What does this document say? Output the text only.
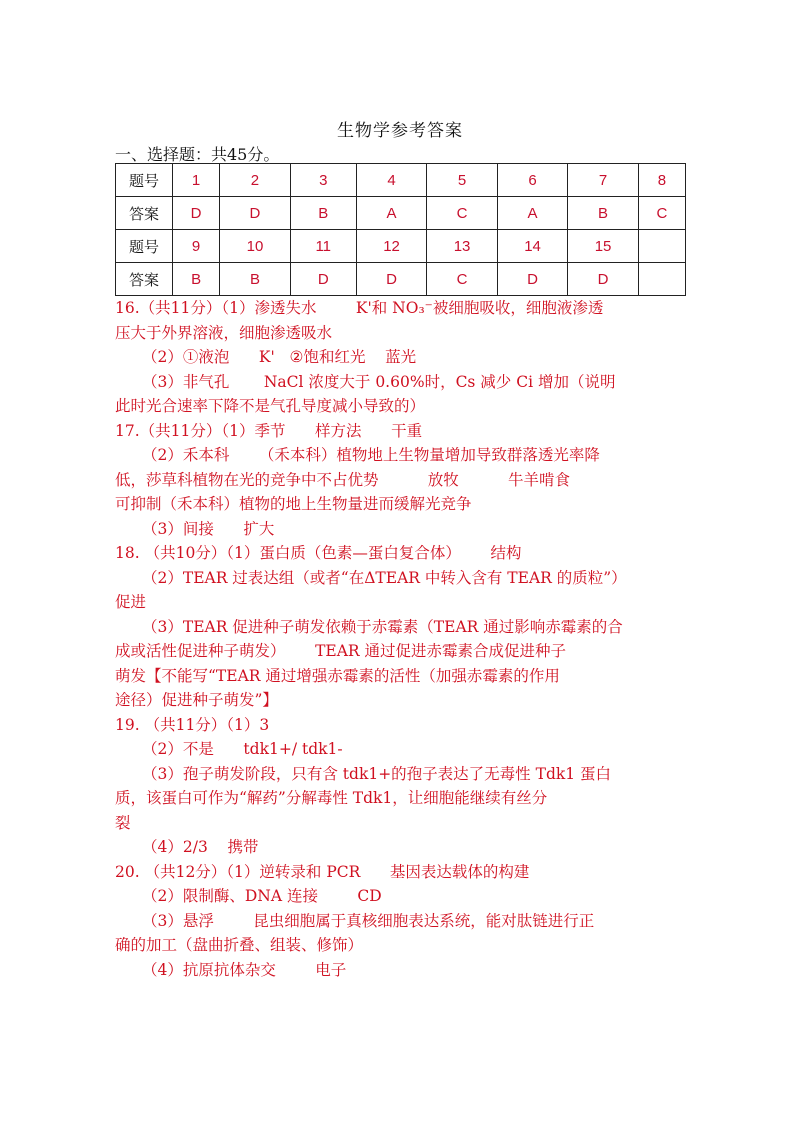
生物学参考答案
一、选择题：共45分。
题号	1	2	3	4	5	6	7	8
答案	D	D	B	A	C	A	B	C
题号	9	10	11	12	13	14	15	
答案	B	B	D	D	C	D	D	
16.（共11分）（1）渗透失水        K'和 NO₃⁻被细胞吸收，细胞液渗透
压大于外界溶液，细胞渗透吸水
（2）①液泡      K'   ②饱和红光    蓝光
（3）非气孔       NaCl 浓度大于 0.60%时，Cs 减少 Ci 增加（说明
此时光合速率下降不是气孔导度减小导致的）
17.（共11分）（1）季节      样方法      干重
（2）禾本科      （禾本科）植物地上生物量增加导致群落透光率降
低，莎草科植物在光的竞争中不占优势          放牧          牛羊啃食
可抑制（禾本科）植物的地上生物量进而缓解光竞争
（3）间接      扩大
18. （共10分）（1）蛋白质（色素—蛋白复合体）      结构
（2）TEAR 过表达组（或者“在ΔTEAR 中转入含有 TEAR 的质粒”）
促进
（3）TEAR 促进种子萌发依赖于赤霉素（TEAR 通过影响赤霉素的合
成或活性促进种子萌发）      TEAR 通过促进赤霉素合成促进种子
萌发【不能写“TEAR 通过增强赤霉素的活性（加强赤霉素的作用
途径）促进种子萌发”】
19. （共11分）（1）3
（2）不是      tdk1+/ tdk1-
（3）孢子萌发阶段，只有含 tdk1+的孢子表达了无毒性 Tdk1 蛋白
质，该蛋白可作为“解药”分解毒性 Tdk1，让细胞能继续有丝分
裂
（4）2/3    携带
20. （共12分）（1）逆转录和 PCR      基因表达载体的构建
（2）限制酶、DNA 连接        CD
（3）悬浮        昆虫细胞属于真核细胞表达系统，能对肽链进行正
确的加工（盘曲折叠、组装、修饰）
（4）抗原抗体杂交        电子
